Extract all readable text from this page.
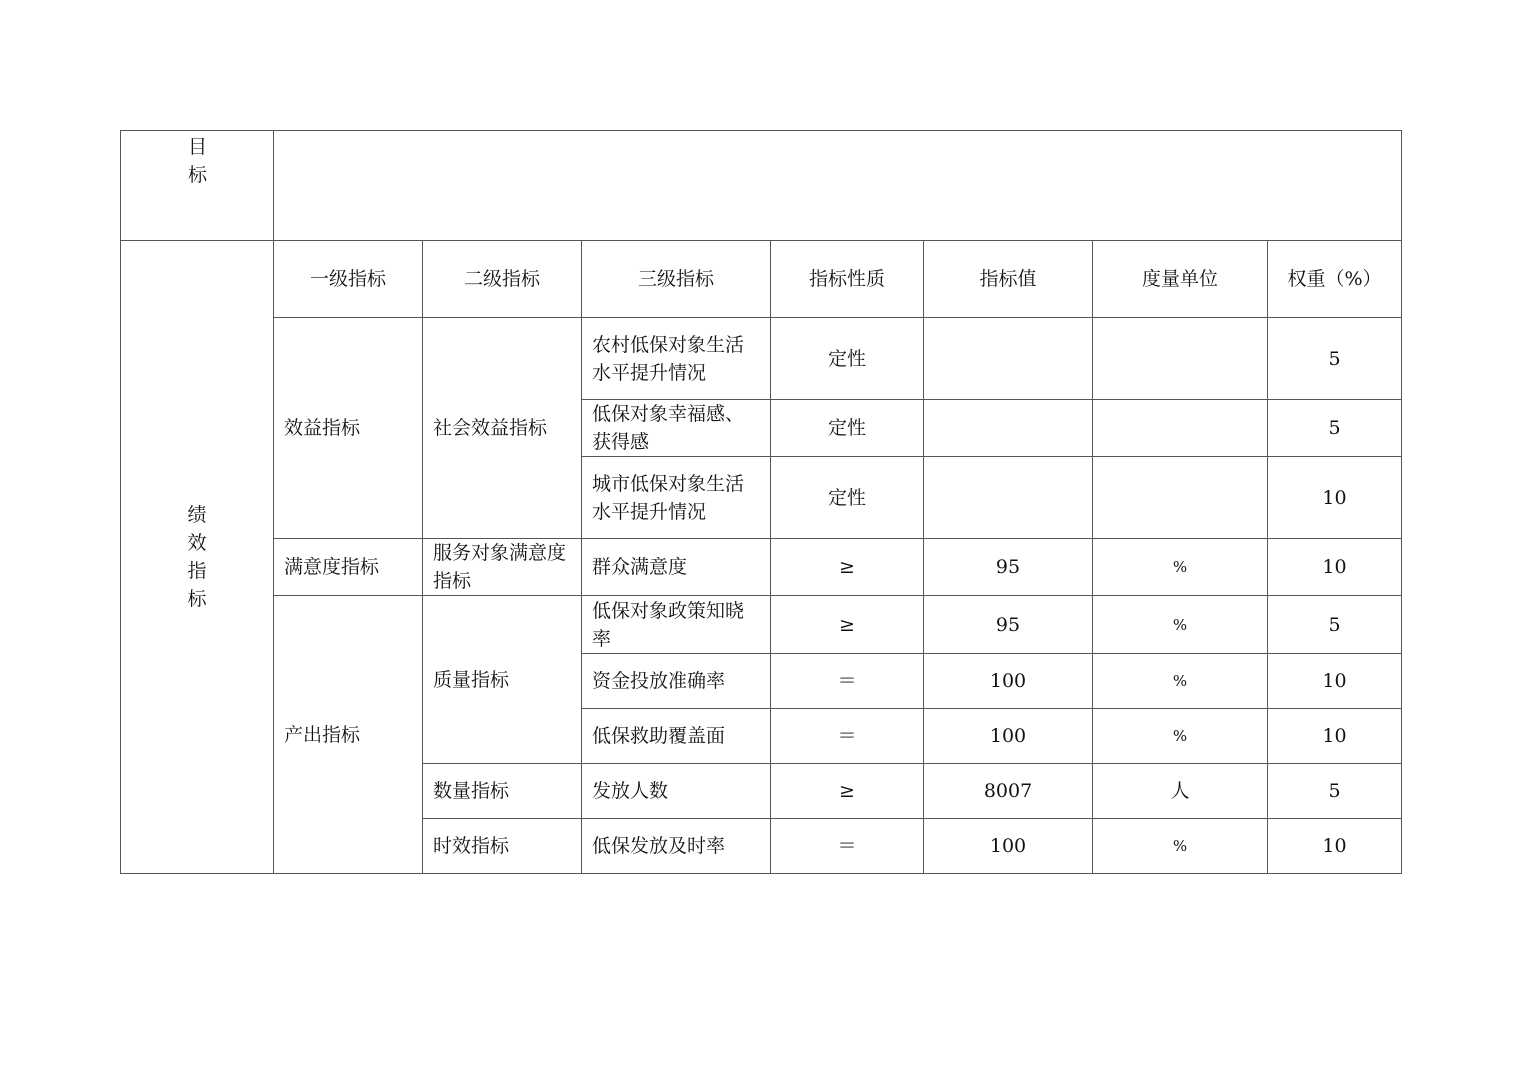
目
标							

绩
效
指
标	一级指标	二级指标	三级指标	指标性质	指标值	度量单位	权重（%）
	效益指标	社会效益指标	农村低保对象生活水平提升情况	定性			5
			低保对象幸福感、获得感	定性			5
			城市低保对象生活水平提升情况	定性			10
	满意度指标	服务对象满意度指标	群众满意度	≥	95	%	10
	产出指标	质量指标	低保对象政策知晓率	≥	95	%	5
			资金投放准确率	＝	100	%	10
			低保救助覆盖面	＝	100	%	10
		数量指标	发放人数	≥	8007	人	5
		时效指标	低保发放及时率	＝	100	%	10
